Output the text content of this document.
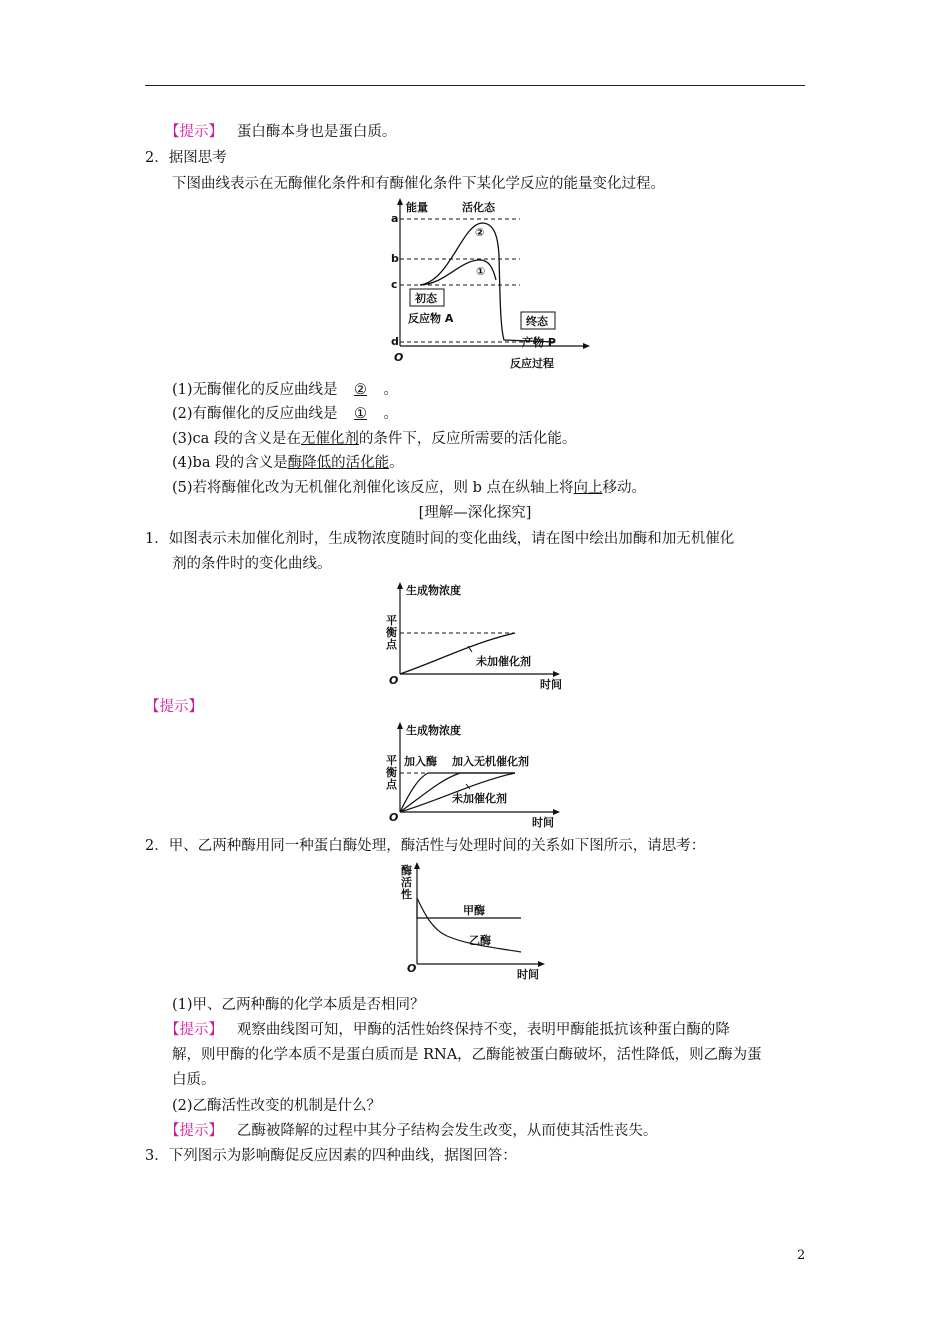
【提示】 蛋白酶本身也是蛋白质。
2．据图思考
下图曲线表示在无酶催化条件和有酶催化条件下某化学反应的能量变化过程。
能量	活化态
a
b
c
d
②
①
初态
反应物 A	终态
产物 P
O	反应过程
(1)无酶催化的反应曲线是 ② 。
(2)有酶催化的反应曲线是 ① 。
(3)ca 段的含义是在无催化剂的条件下，反应所需要的活化能。
(4)ba 段的含义是酶降低的活化能。
(5)若将酶催化改为无机催化剂催化该反应，则 b 点在纵轴上将向上移动。
[理解—深化探究]
1．如图表示未加催化剂时，生成物浓度随时间的变化曲线，请在图中绘出加酶和加无机催化
剂的条件时的变化曲线。
生成物浓度
平
衡
点
未加催化剂
O	时间
【提示】
生成物浓度
平
衡
点
加入酶 加入无机催化剂
未加催化剂
O	时间
2．甲、乙两种酶用同一种蛋白酶处理，酶活性与处理时间的关系如下图所示，请思考：
酶
活
性
甲酶
乙酶
O	时间
(1)甲、乙两种酶的化学本质是否相同？
【提示】 观察曲线图可知，甲酶的活性始终保持不变，表明甲酶能抵抗该种蛋白酶的降
解，则甲酶的化学本质不是蛋白质而是 RNA，乙酶能被蛋白酶破坏，活性降低，则乙酶为蛋
白质。
(2)乙酶活性改变的机制是什么？
【提示】 乙酶被降解的过程中其分子结构会发生改变，从而使其活性丧失。
3．下列图示为影响酶促反应因素的四种曲线，据图回答：
2
